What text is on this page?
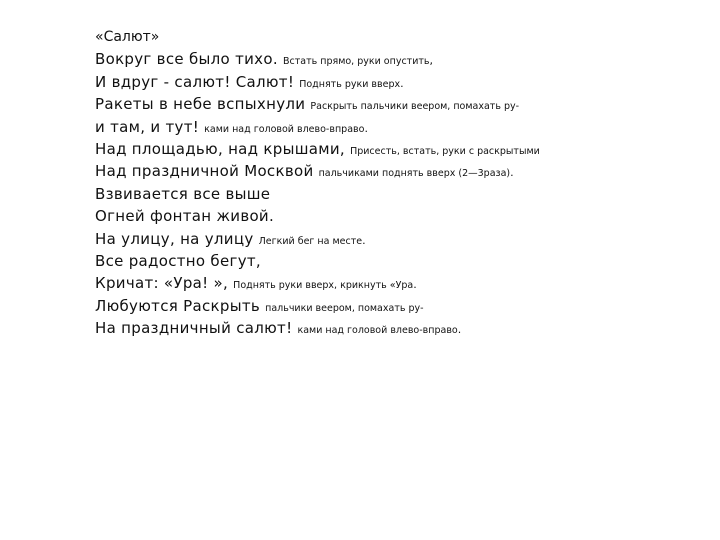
«Салют»
Вокруг все было тихо. Встать прямо, руки опустить,
И вдруг - салют! Салют! Поднять руки вверх.
Ракеты в небе вспыхнули Раскрыть пальчики веером, помахать ру-
и там, и тут! ками над головой влево-вправо.
Над площадью, над крышами, Присесть, встать, руки с раскрытыми
Над праздничной Москвой пальчиками поднять вверх (2—3раза).
Взвивается все выше
Огней фонтан живой.
На улицу, на улицу Легкий бег на месте.
Все радостно бегут,
Кричат: «Ура! », Поднять руки вверх, крикнуть «Ура.
Любуются Раскрыть пальчики веером, помахать ру-
На праздничный салют! ками над головой влево-вправо.
